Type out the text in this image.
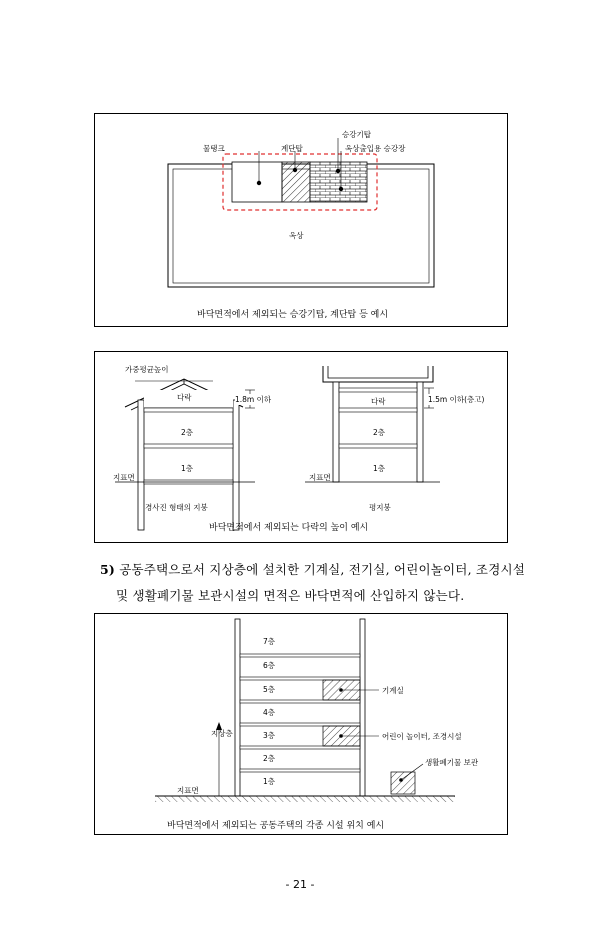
물탱크	계단탑
승강기탑
옥상출입용 승강장
옥상
바닥면적에서 제외되는 승강기탑, 계단탑 등 예시
가중평균높이
다락	1.8m 이하
2층
1층
지표면
경사진 형태의 지붕
다락	1.5m 이하(층고)
2층
1층
지표면
평지붕
바닥면적에서 제외되는 다락의 높이 예시
5) 공동주택으로서 지상층에 설치한 기계실, 전기실, 어린이놀이터, 조경시설
및 생활폐기물 보관시설의 면적은 바닥면적에 산입하지 않는다.
7층
6층
5층
4층
3층
2층
1층
기계실
어린이 놀이터, 조경시설
생활폐기물 보관
지상층
지표면
바닥면적에서 제외되는 공동주택의 각종 시설 위치 예시
- 21 -
